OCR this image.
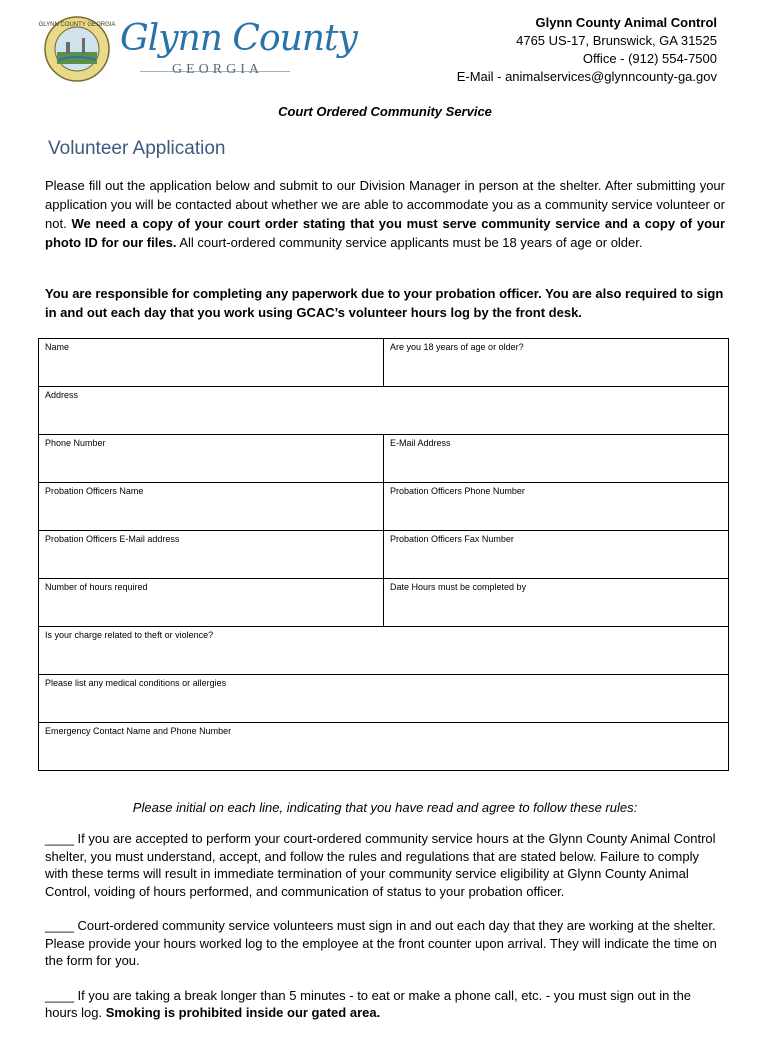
GLYNN COUNTY GEORGIA Glynn County
GEORGIA
Glynn County Animal Control
4765 US-17, Brunswick, GA 31525
Office - (912) 554-7500
E-Mail - animalservices@glynncounty-ga.gov
Court Ordered Community Service
Volunteer Application
Please fill out the application below and submit to our Division Manager in person at the shelter. After submitting your application you will be contacted about whether we are able to accommodate you as a community service volunteer or not. We need a copy of your court order stating that you must serve community service and a copy of your photo ID for our files. All court-ordered community service applicants must be 18 years of age or older.
You are responsible for completing any paperwork due to your probation officer. You are also required to sign in and out each day that you work using GCAC’s volunteer hours log by the front desk.
Name	Are you 18 years of age or older?
Address	
Phone Number	E-Mail Address
Probation Officers Name	Probation Officers Phone Number
Probation Officers E-Mail address	Probation Officers Fax Number
Number of hours required	Date Hours must be completed by
Is your charge related to theft or violence?	
Please list any medical conditions or allergies	
Emergency Contact Name and Phone Number	
Please initial on each line, indicating that you have read and agree to follow these rules:

____ If you are accepted to perform your court-ordered community service hours at the Glynn County Animal Control shelter, you must understand, accept, and follow the rules and regulations that are stated below. Failure to comply with these terms will result in immediate termination of your community service eligibility at Glynn County Animal Control, voiding of hours performed, and communication of status to your probation officer.

____ Court-ordered community service volunteers must sign in and out each day that they are working at the shelter. Please provide your hours worked log to the employee at the front counter upon arrival. They will indicate the time on the form for you.

____ If you are taking a break longer than 5 minutes - to eat or make a phone call, etc. - you must sign out in the hours log. Smoking is prohibited inside our gated area.
